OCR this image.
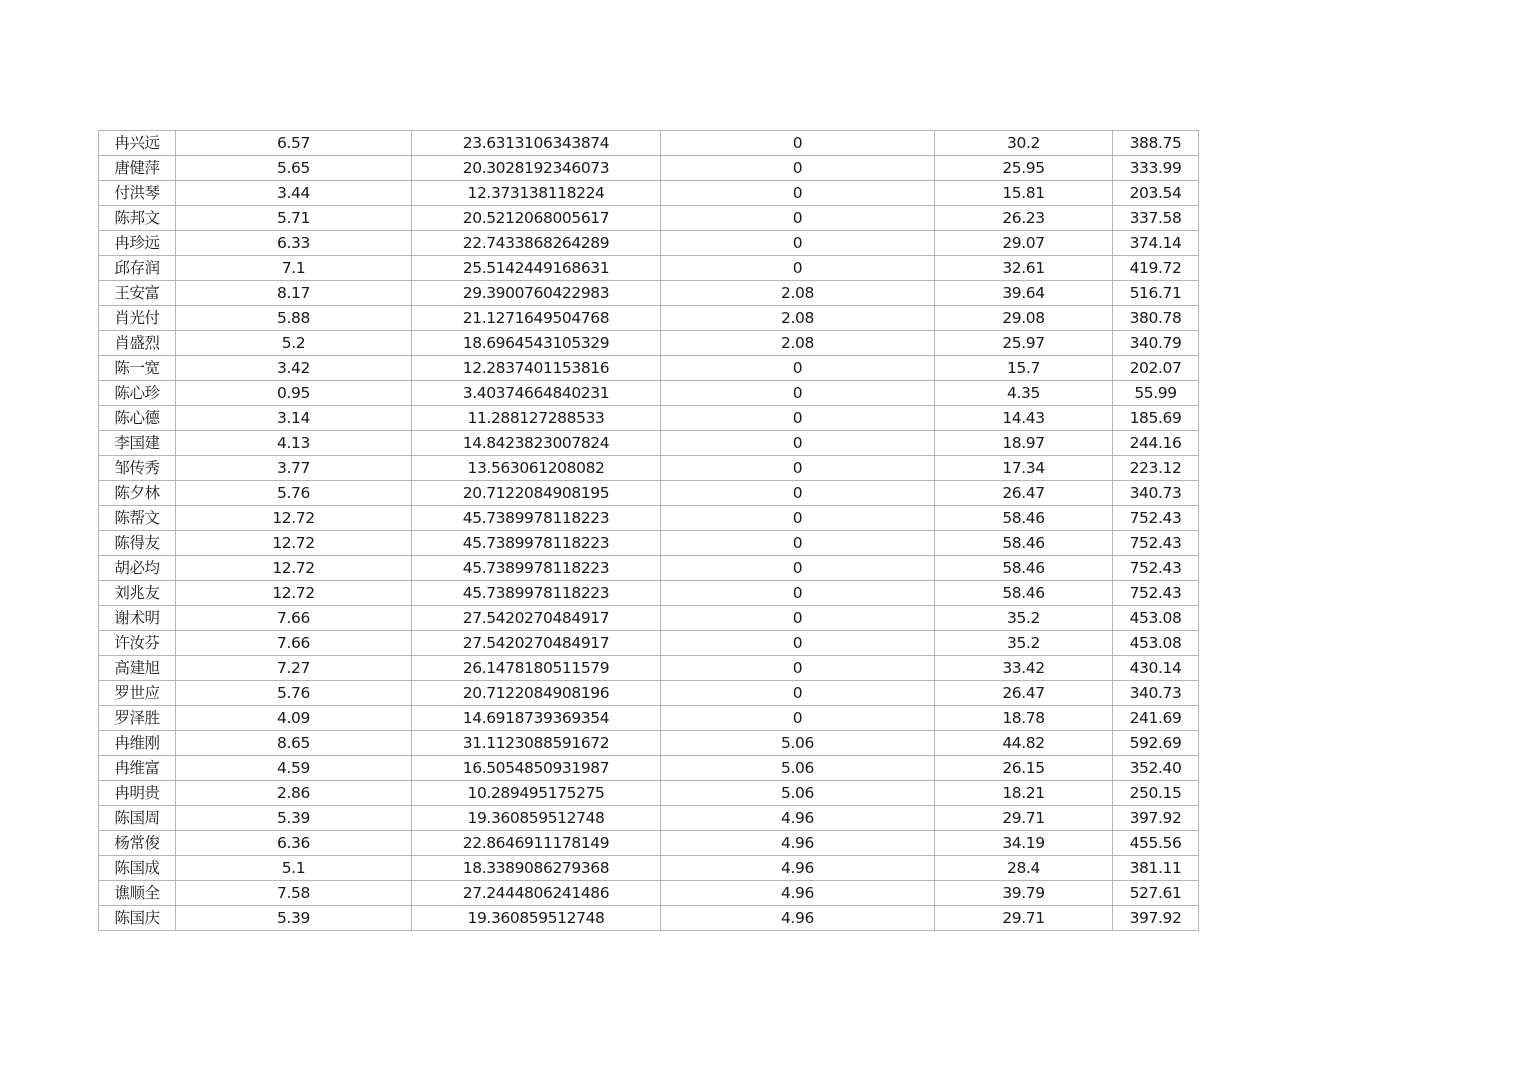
冉兴远	6.57	23.6313106343874	0	30.2	388.75
唐健萍	5.65	20.3028192346073	0	25.95	333.99
付洪琴	3.44	12.373138118224	0	15.81	203.54
陈邦文	5.71	20.5212068005617	0	26.23	337.58
冉珍远	6.33	22.7433868264289	0	29.07	374.14
邱存润	7.1	25.5142449168631	0	32.61	419.72
王安富	8.17	29.3900760422983	2.08	39.64	516.71
肖光付	5.88	21.1271649504768	2.08	29.08	380.78
肖盛烈	5.2	18.6964543105329	2.08	25.97	340.79
陈一宽	3.42	12.2837401153816	0	15.7	202.07
陈心珍	0.95	3.40374664840231	0	4.35	55.99
陈心德	3.14	11.288127288533	0	14.43	185.69
李国建	4.13	14.8423823007824	0	18.97	244.16
邹传秀	3.77	13.563061208082	0	17.34	223.12
陈夕林	5.76	20.7122084908195	0	26.47	340.73
陈帮文	12.72	45.7389978118223	0	58.46	752.43
陈得友	12.72	45.7389978118223	0	58.46	752.43
胡必均	12.72	45.7389978118223	0	58.46	752.43
刘兆友	12.72	45.7389978118223	0	58.46	752.43
谢术明	7.66	27.5420270484917	0	35.2	453.08
许汝芬	7.66	27.5420270484917	0	35.2	453.08
高建旭	7.27	26.1478180511579	0	33.42	430.14
罗世应	5.76	20.7122084908196	0	26.47	340.73
罗泽胜	4.09	14.6918739369354	0	18.78	241.69
冉维刚	8.65	31.1123088591672	5.06	44.82	592.69
冉维富	4.59	16.5054850931987	5.06	26.15	352.40
冉明贵	2.86	10.289495175275	5.06	18.21	250.15
陈国周	5.39	19.360859512748	4.96	29.71	397.92
杨常俊	6.36	22.8646911178149	4.96	34.19	455.56
陈国成	5.1	18.3389086279368	4.96	28.4	381.11
谯顺全	7.58	27.2444806241486	4.96	39.79	527.61
陈国庆	5.39	19.360859512748	4.96	29.71	397.92
